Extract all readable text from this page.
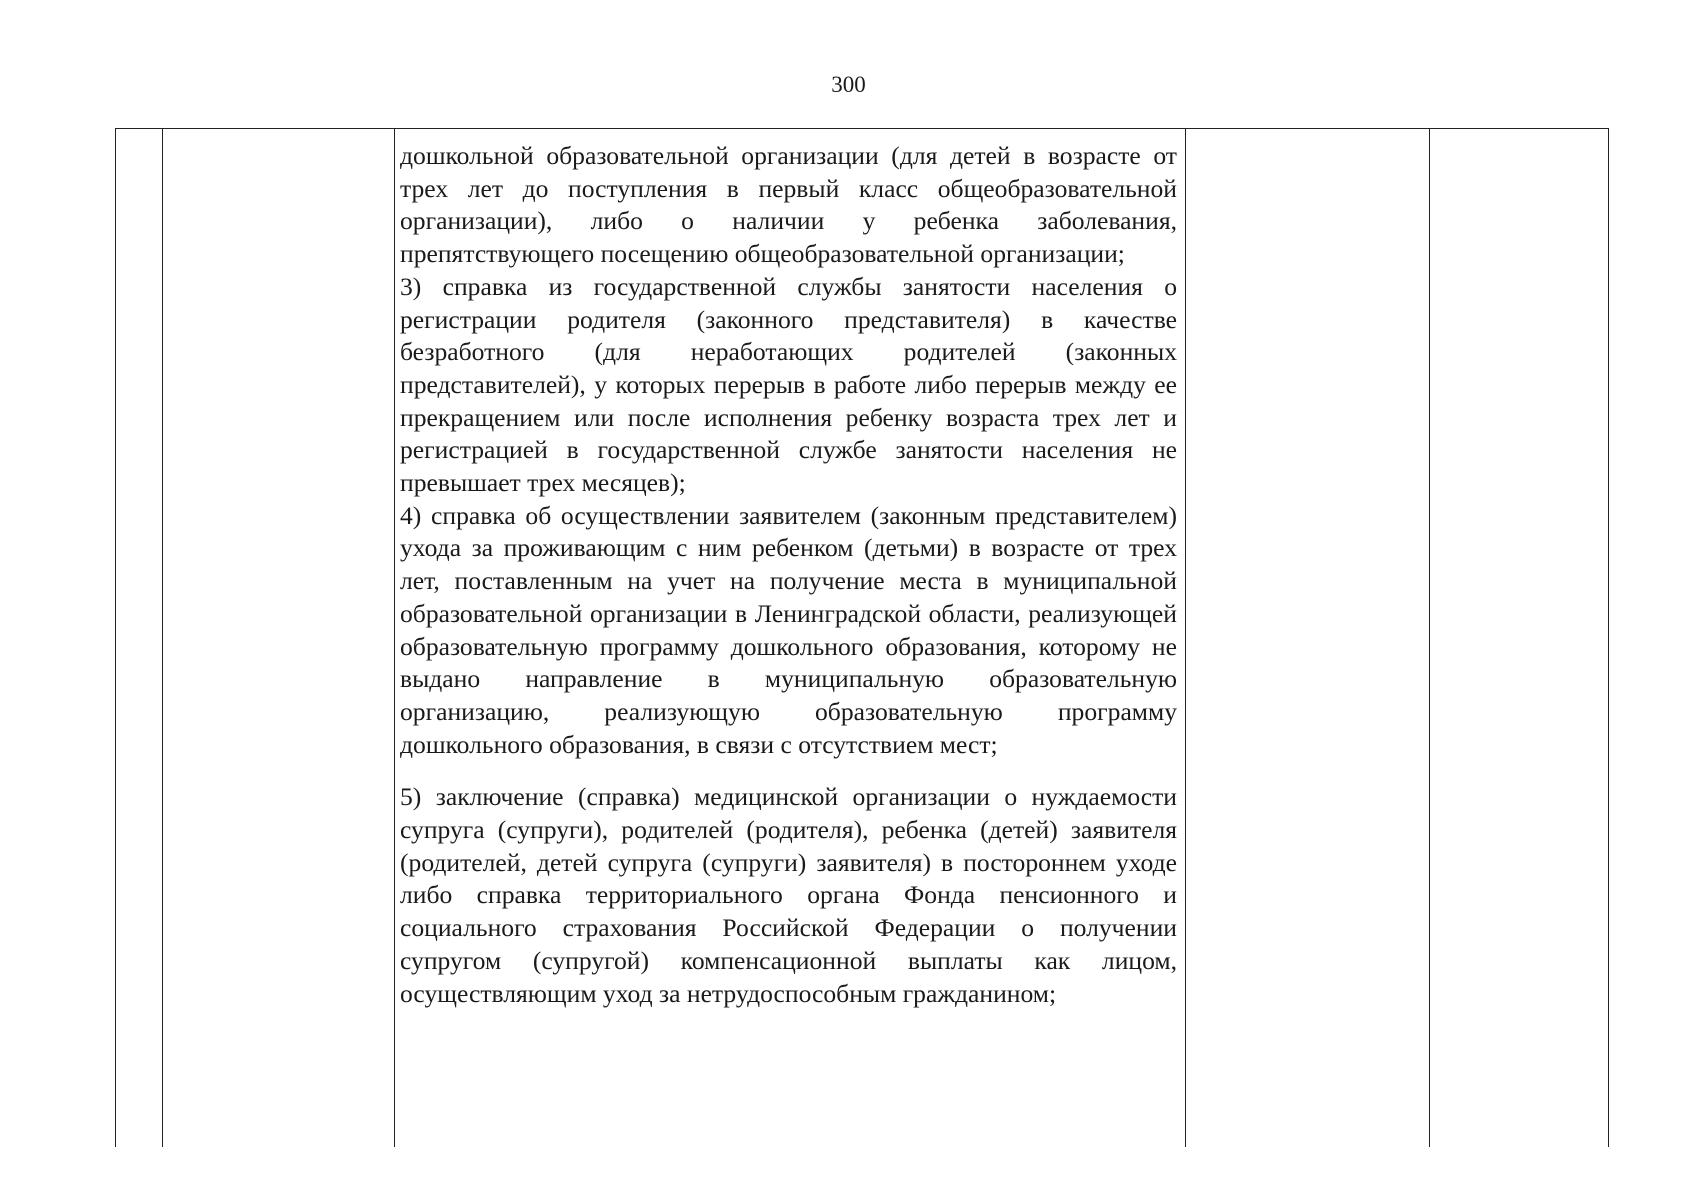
300

дошкольной образовательной организации (для детей в возрасте от трех лет до поступления в первый класс общеобразовательной организации), либо о наличии у ребенка заболевания, препятствующего посещению общеобразовательной организации;

3) справка из государственной службы занятости населения о регистрации родителя (законного представителя) в качестве безработного (для неработающих родителей (законных представителей), у которых перерыв в работе либо перерыв между ее прекращением или после исполнения ребенку возраста трех лет и регистрацией в государственной службе занятости населения не превышает трех месяцев);

4) справка об осуществлении заявителем (законным представителем) ухода за проживающим с ним ребенком (детьми) в возрасте от трех лет, поставленным на учет на получение места в муниципальной образовательной организации в Ленинградской области, реализующей образовательную программу дошкольного образования, которому не выдано направление в муниципальную образовательную организацию, реализующую образовательную программу дошкольного образования, в связи с отсутствием мест;

5) заключение (справка) медицинской организации о нуждаемости супруга (супруги), родителей (родителя), ребенка (детей) заявителя (родителей, детей супруга (супруги) заявителя) в постороннем уходе либо справка территориального органа Фонда пенсионного и социального страхования Российской Федерации о получении супругом (супругой) компенсационной выплаты как лицом, осуществляющим уход за нетрудоспособным гражданином;
